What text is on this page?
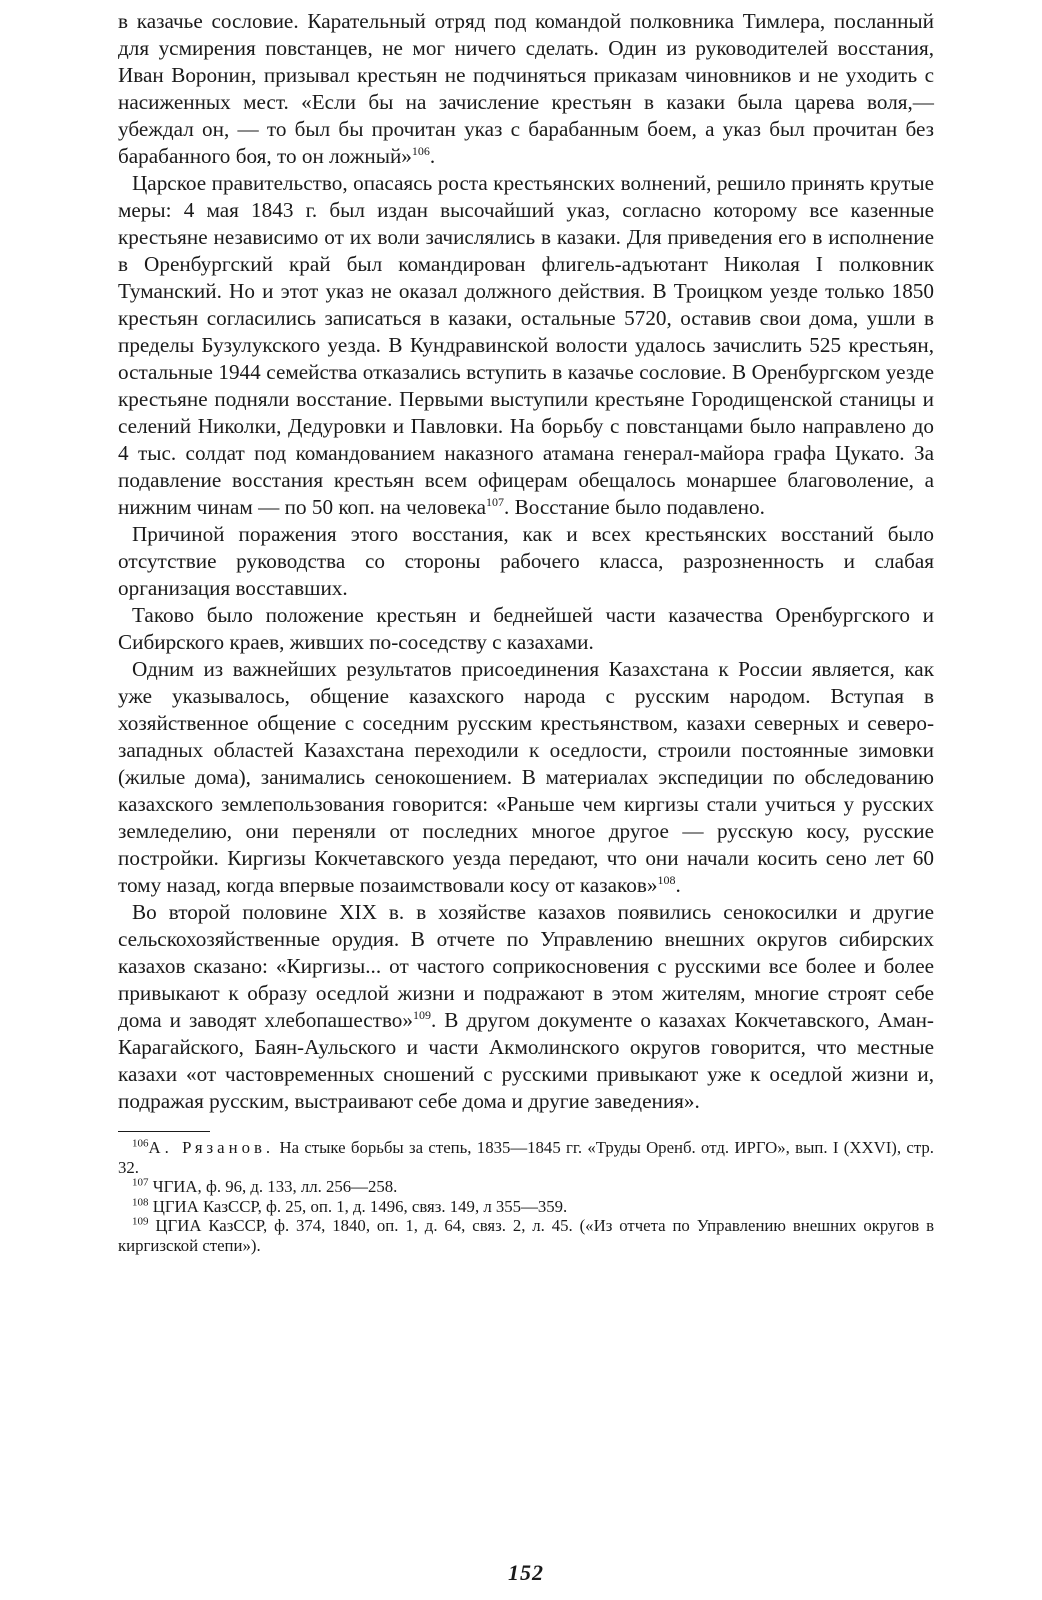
в казачье сословие. Карательный отряд под командой полковника Тимлера, посланный для усмирения повстанцев, не мог ничего сделать. Один из руководителей восстания, Иван Воронин, призывал крестьян не подчиняться приказам чиновников и не уходить с насиженных мест. «Если бы на зачисление крестьян в казаки была царева воля,— убеждал он, — то был бы прочитан указ с барабанным боем, а указ был прочитан без барабанного боя, то он ложный»$^{106}$.

Царское правительство, опасаясь роста крестьянских волнений, решило принять крутые меры: 4 мая 1843 г. был издан высочайший указ, согласно которому все казенные крестьяне независимо от их воли зачислялись в казаки. Для приведения его в исполнение в Оренбургский край был командирован флигель-адъютант Николая I полковник Туманский. Но и этот указ не оказал должного действия. В Троицком уезде только 1850 крестьян согласились записаться в казаки, остальные 5720, оставив свои дома, ушли в пределы Бузулукского уезда. В Кундравинской волости удалось зачислить 525 крестьян, остальные 1944 семейства отказались вступить в казачье сословие. В Оренбургском уезде крестьяне подняли восстание. Первыми выступили крестьяне Городищенской станицы и селений Николки, Дедуровки и Павловки. На борьбу с повстанцами было направлено до 4 тыс. солдат под командованием наказного атамана генерал-майора графа Цукато. За подавление восстания крестьян всем офицерам обещалось монаршее благоволение, а нижним чинам — по 50 коп. на человека$^{107}$. Восстание было подавлено.

Причиной поражения этого восстания, как и всех крестьянских восстаний было отсутствие руководства со стороны рабочего класса, разрозненность и слабая организация восставших.

Таково было положение крестьян и беднейшей части казачества Оренбургского и Сибирского краев, живших по-соседству с казахами.

Одним из важнейших результатов присоединения Казахстана к России является, как уже указывалось, общение казахского народа с русским народом. Вступая в хозяйственное общение с соседним русским крестьянством, казахи северных и северо-западных областей Казахстана переходили к оседлости, строили постоянные зимовки (жилые дома), занимались сенокошением. В материалах экспедиции по обследованию казахского землепользования говорится: «Раньше чем киргизы стали учиться у русских земледелию, они переняли от последних многое другое — русскую косу, русские постройки. Киргизы Кокчетавского уезда передают, что они начали косить сено лет 60 тому назад, когда впервые позаимствовали косу от казаков»$^{108}$.

Во второй половине XIX в. в хозяйстве казахов появились сенокосилки и другие сельскохозяйственные орудия. В отчете по Управлению внешних округов сибирских казахов сказано: «Киргизы... от частого соприкосновения с русскими все более и более привыкают к образу оседлой жизни и подражают в этом жителям, многие строят себе дома и заводят хлебопашество»$^{109}$. В другом документе о казахах Кокчетавского, Аман-Карагайского, Баян-Аульского и части Акмолинского округов говорится, что местные казахи «от частовременных сношений с русскими привыкают уже к оседлой жизни и, подражая русским, выстраивают себе дома и другие заведения».

$^{106}$А. Рязанов. На стыке борьбы за степь, 1835—1845 гг. «Труды Оренб. отд. ИРГО», вып. I (XXVI), стр. 32.

$^{107}$ ЧГИА, ф. 96, д. 133, лл. 256—258.

$^{108}$ ЦГИА КазССР, ф. 25, оп. 1, д. 1496, связ. 149, л 355—359.

$^{109}$ ЦГИА КазССР, ф. 374, 1840, оп. 1, д. 64, связ. 2, л. 45. («Из отчета по Управлению внешних округов в киргизской степи»).

152
